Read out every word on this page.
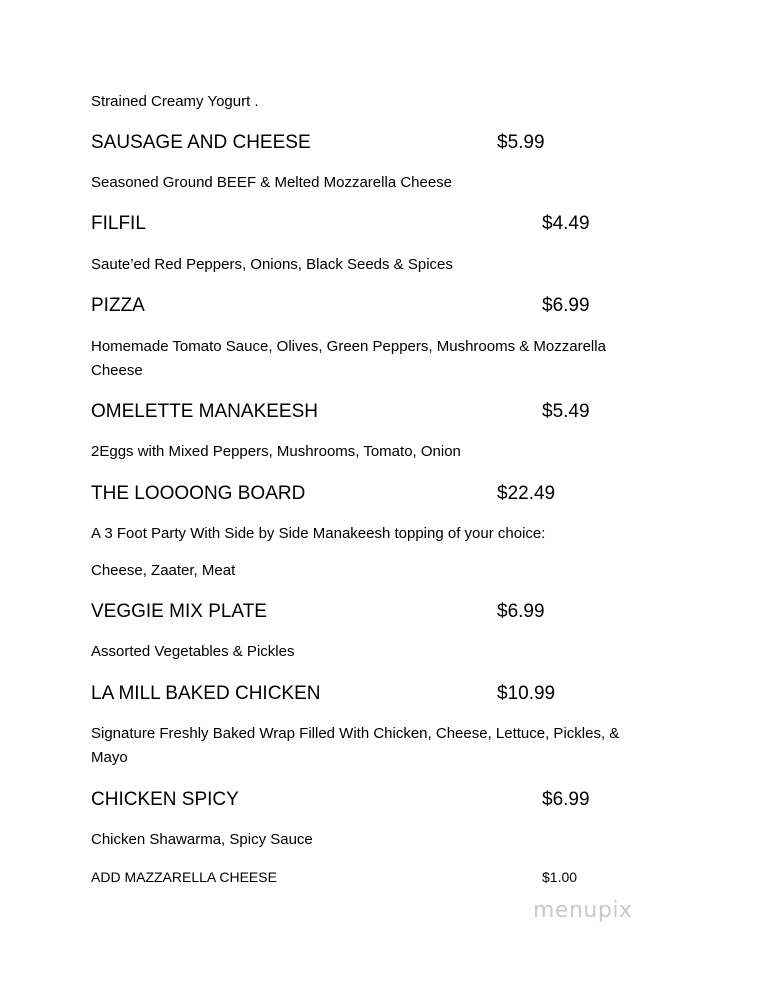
Strained Creamy Yogurt .
SAUSAGE AND CHEESE	$5.99
Seasoned Ground BEEF & Melted Mozzarella Cheese
FILFIL	$4.49
Saute’ed Red Peppers, Onions, Black Seeds & Spices
PIZZA	$6.99
Homemade Tomato Sauce, Olives, Green Peppers, Mushrooms & Mozzarella
Cheese
OMELETTE MANAKEESH	$5.49
2Eggs with Mixed Peppers, Mushrooms, Tomato, Onion
THE LOOOONG BOARD	$22.49
A 3 Foot Party With Side by Side Manakeesh topping of your choice:
Cheese, Zaater, Meat
VEGGIE MIX PLATE	$6.99
Assorted Vegetables & Pickles
LA MILL BAKED CHICKEN	$10.99
Signature Freshly Baked Wrap Filled With Chicken, Cheese, Lettuce, Pickles, &
Mayo
CHICKEN SPICY	$6.99
Chicken Shawarma, Spicy Sauce
ADD MAZZARELLA CHEESE	$1.00
menupix
